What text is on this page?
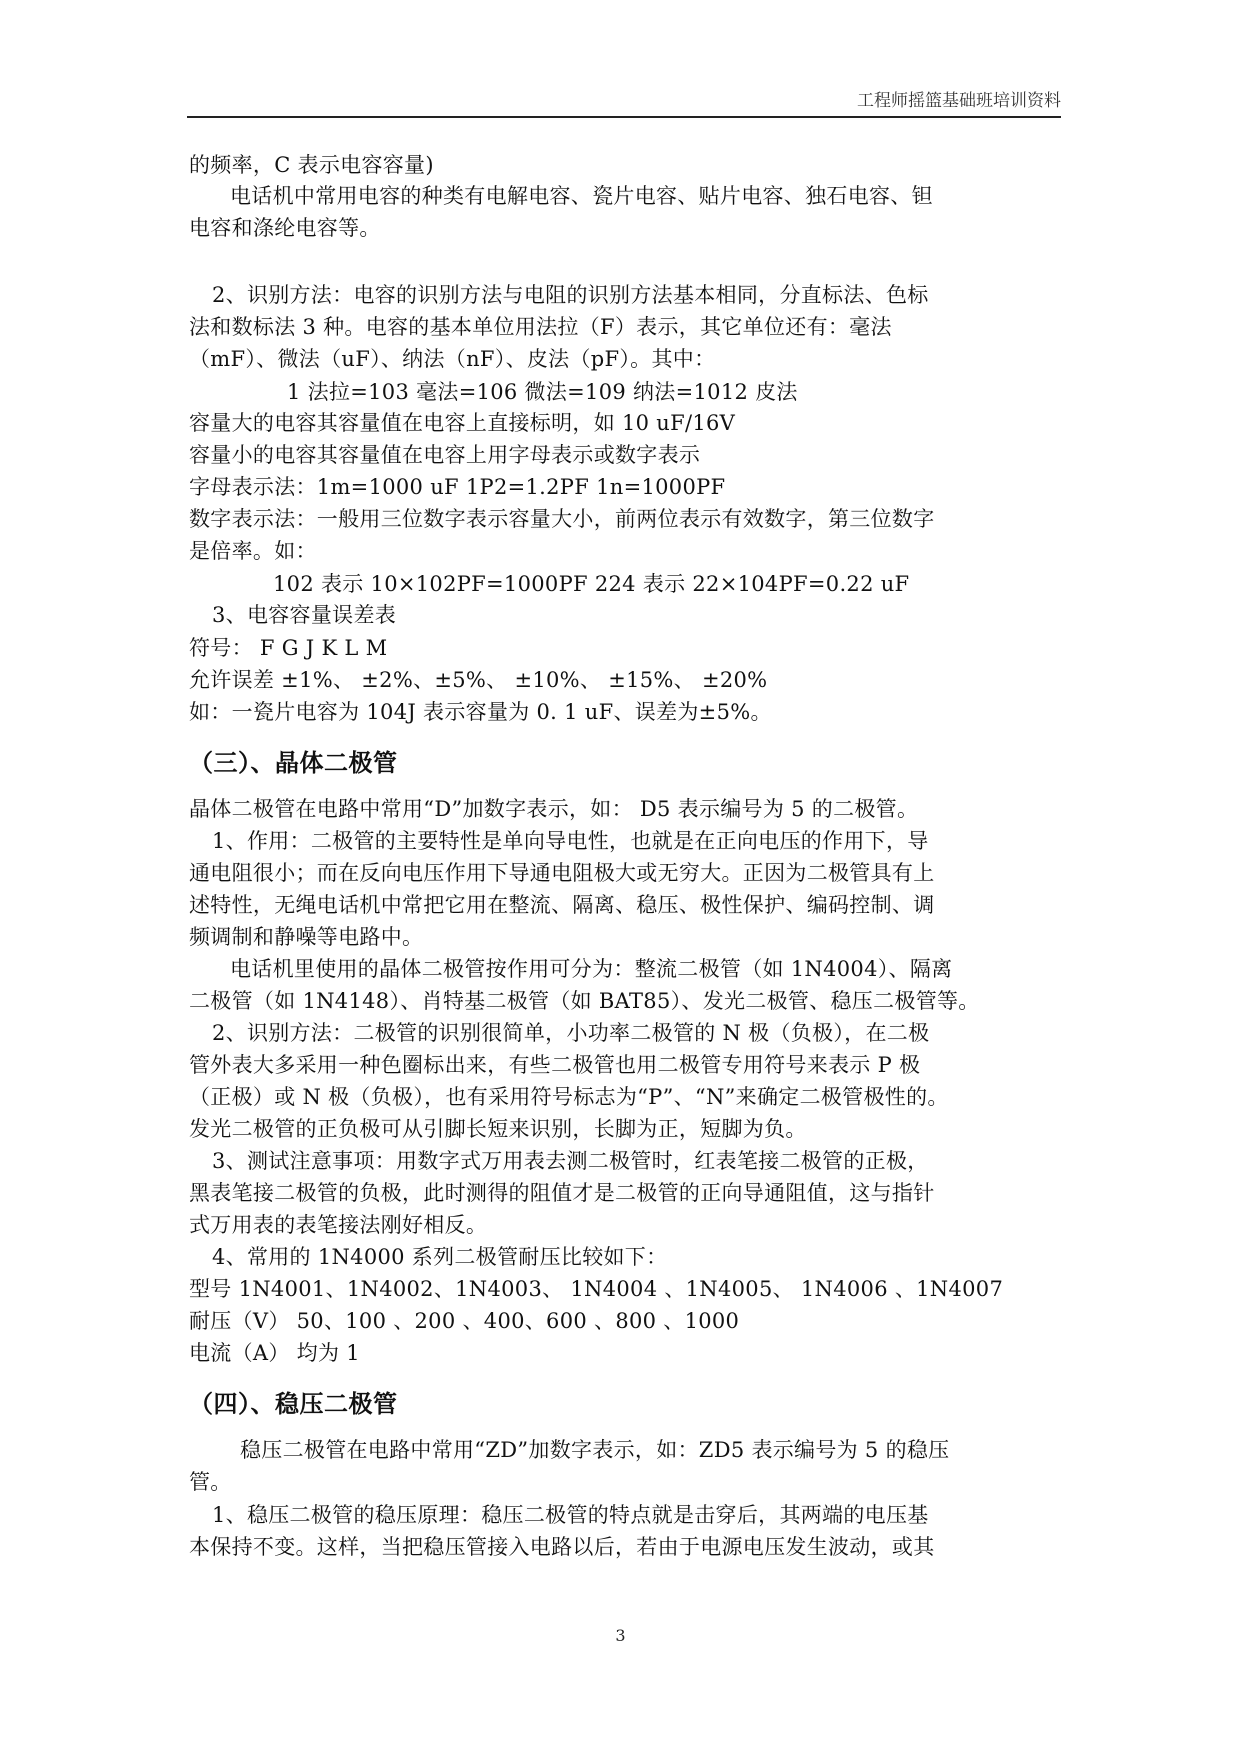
工程师摇篮基础班培训资料
的频率，C 表示电容容量)
电话机中常用电容的种类有电解电容、瓷片电容、贴片电容、独石电容、钽
电容和涤纶电容等。
2、识别方法：电容的识别方法与电阻的识别方法基本相同，分直标法、色标
法和数标法 3 种。电容的基本单位用法拉（F）表示，其它单位还有：毫法
（mF）、微法（uF）、纳法（nF）、皮法（pF）。其中：
1 法拉=103 毫法=106 微法=109 纳法=1012 皮法
容量大的电容其容量值在电容上直接标明，如 10 uF/16V
容量小的电容其容量值在电容上用字母表示或数字表示
字母表示法：1m=1000 uF 1P2=1.2PF 1n=1000PF
数字表示法：一般用三位数字表示容量大小，前两位表示有效数字，第三位数字
是倍率。如：
102 表示 10×102PF=1000PF 224 表示 22×104PF=0.22 uF
3、电容容量误差表
符号： F G J K L M
允许误差 ±1%、 ±2%、±5%、 ±10%、 ±15%、 ±20%
如：一瓷片电容为 104J 表示容量为 0. 1 uF、误差为±5%。
（三）、晶体二极管
晶体二极管在电路中常用“D”加数字表示，如： D5 表示编号为 5 的二极管。
1、作用：二极管的主要特性是单向导电性，也就是在正向电压的作用下，导
通电阻很小；而在反向电压作用下导通电阻极大或无穷大。正因为二极管具有上
述特性，无绳电话机中常把它用在整流、隔离、稳压、极性保护、编码控制、调
频调制和静噪等电路中。
电话机里使用的晶体二极管按作用可分为：整流二极管（如 1N4004）、隔离
二极管（如 1N4148）、肖特基二极管（如 BAT85）、发光二极管、稳压二极管等。
2、识别方法：二极管的识别很简单，小功率二极管的 N 极（负极），在二极
管外表大多采用一种色圈标出来，有些二极管也用二极管专用符号来表示 P 极
（正极）或 N 极（负极），也有采用符号标志为“P”、“N”来确定二极管极性的。
发光二极管的正负极可从引脚长短来识别，长脚为正，短脚为负。
3、测试注意事项：用数字式万用表去测二极管时，红表笔接二极管的正极，
黑表笔接二极管的负极，此时测得的阻值才是二极管的正向导通阻值，这与指针
式万用表的表笔接法刚好相反。
4、常用的 1N4000 系列二极管耐压比较如下：
型号 1N4001、1N4002、1N4003、 1N4004 、1N4005、 1N4006 、1N4007
耐压（V） 50、100 、200 、400、600 、800 、1000
电流（A） 均为 1
（四）、稳压二极管
稳压二极管在电路中常用“ZD”加数字表示，如：ZD5 表示编号为 5 的稳压
管。
1、稳压二极管的稳压原理：稳压二极管的特点就是击穿后，其两端的电压基
本保持不变。这样，当把稳压管接入电路以后，若由于电源电压发生波动，或其
3
